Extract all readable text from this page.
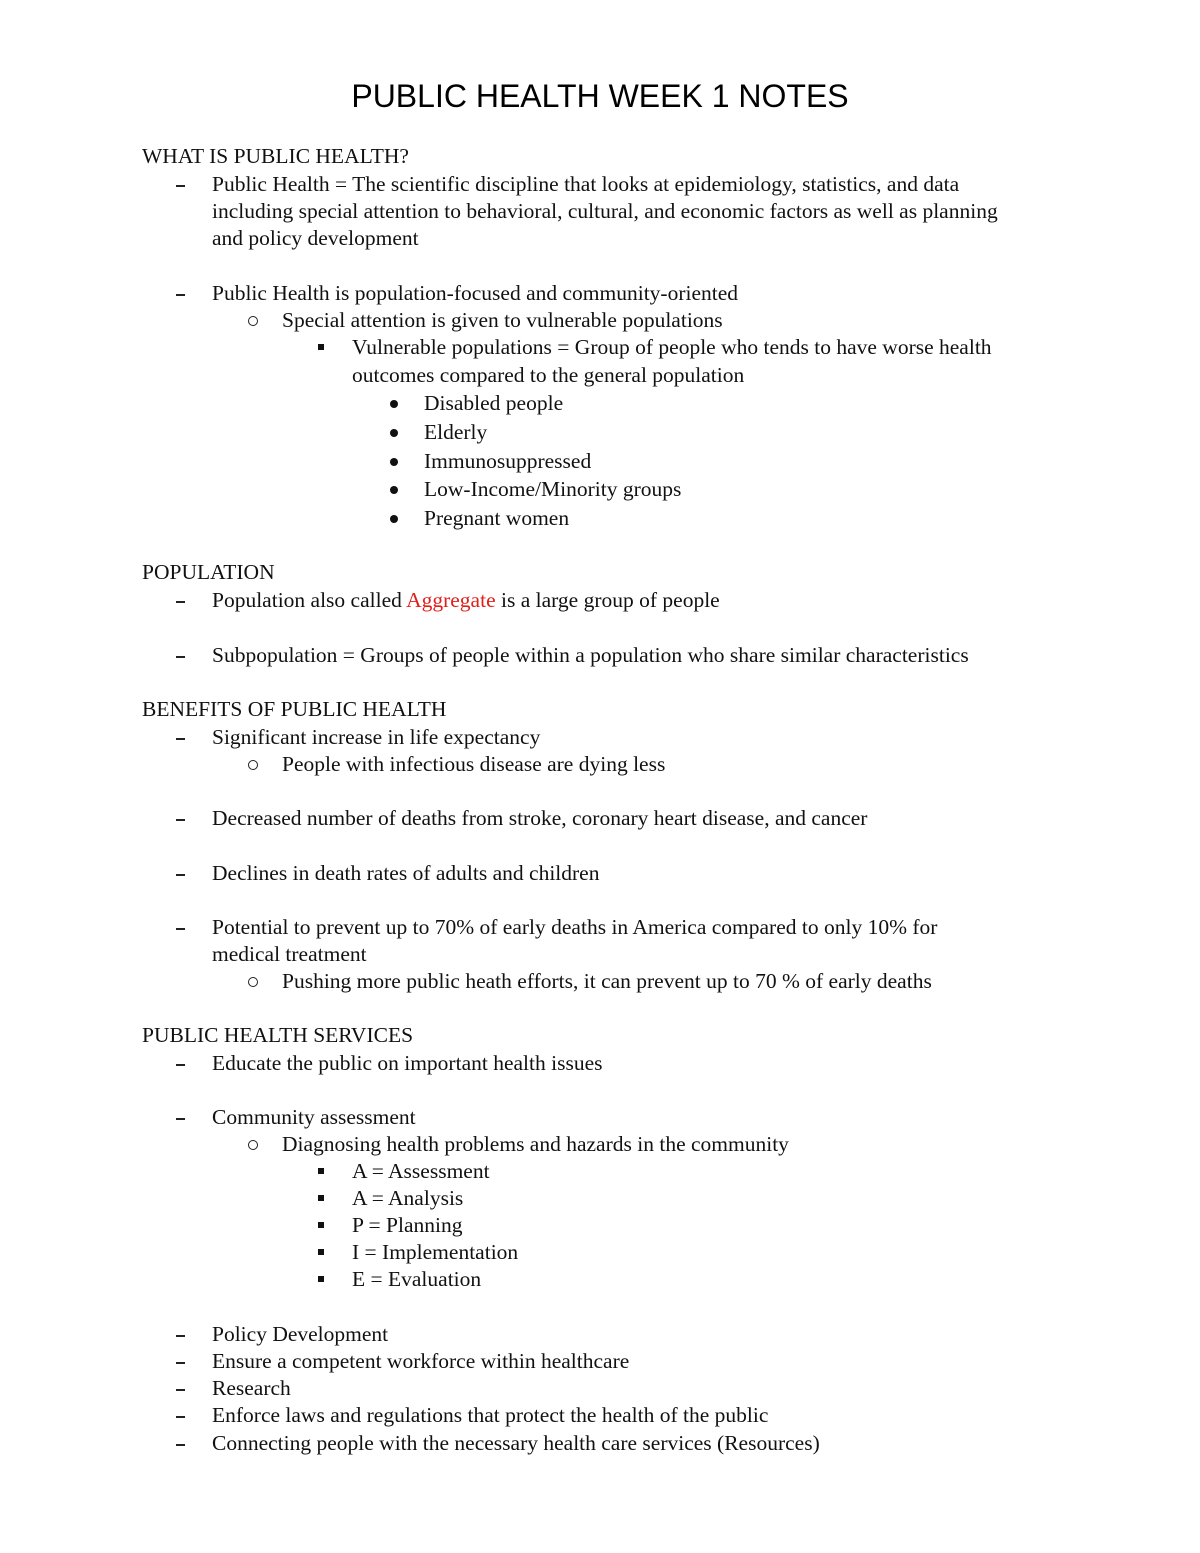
PUBLIC HEALTH WEEK 1 NOTES
WHAT IS PUBLIC HEALTH?
Public Health = The scientific discipline that looks at epidemiology, statistics, and data
including special attention to behavioral, cultural, and economic factors as well as planning
and policy development
Public Health is population-focused and community-oriented
Special attention is given to vulnerable populations
Vulnerable populations = Group of people who tends to have worse health
outcomes compared to the general population
Disabled people
Elderly
Immunosuppressed
Low-Income/Minority groups
Pregnant women
POPULATION
Population also called Aggregate is a large group of people
Subpopulation = Groups of people within a population who share similar characteristics
BENEFITS OF PUBLIC HEALTH
Significant increase in life expectancy
People with infectious disease are dying less
Decreased number of deaths from stroke, coronary heart disease, and cancer
Declines in death rates of adults and children
Potential to prevent up to 70% of early deaths in America compared to only 10% for
medical treatment
Pushing more public heath efforts, it can prevent up to 70 % of early deaths
PUBLIC HEALTH SERVICES
Educate the public on important health issues
Community assessment
Diagnosing health problems and hazards in the community
A = Assessment
A = Analysis
P = Planning
I = Implementation
E = Evaluation
Policy Development
Ensure a competent workforce within healthcare
Research
Enforce laws and regulations that protect the health of the public
Connecting people with the necessary health care services (Resources)
